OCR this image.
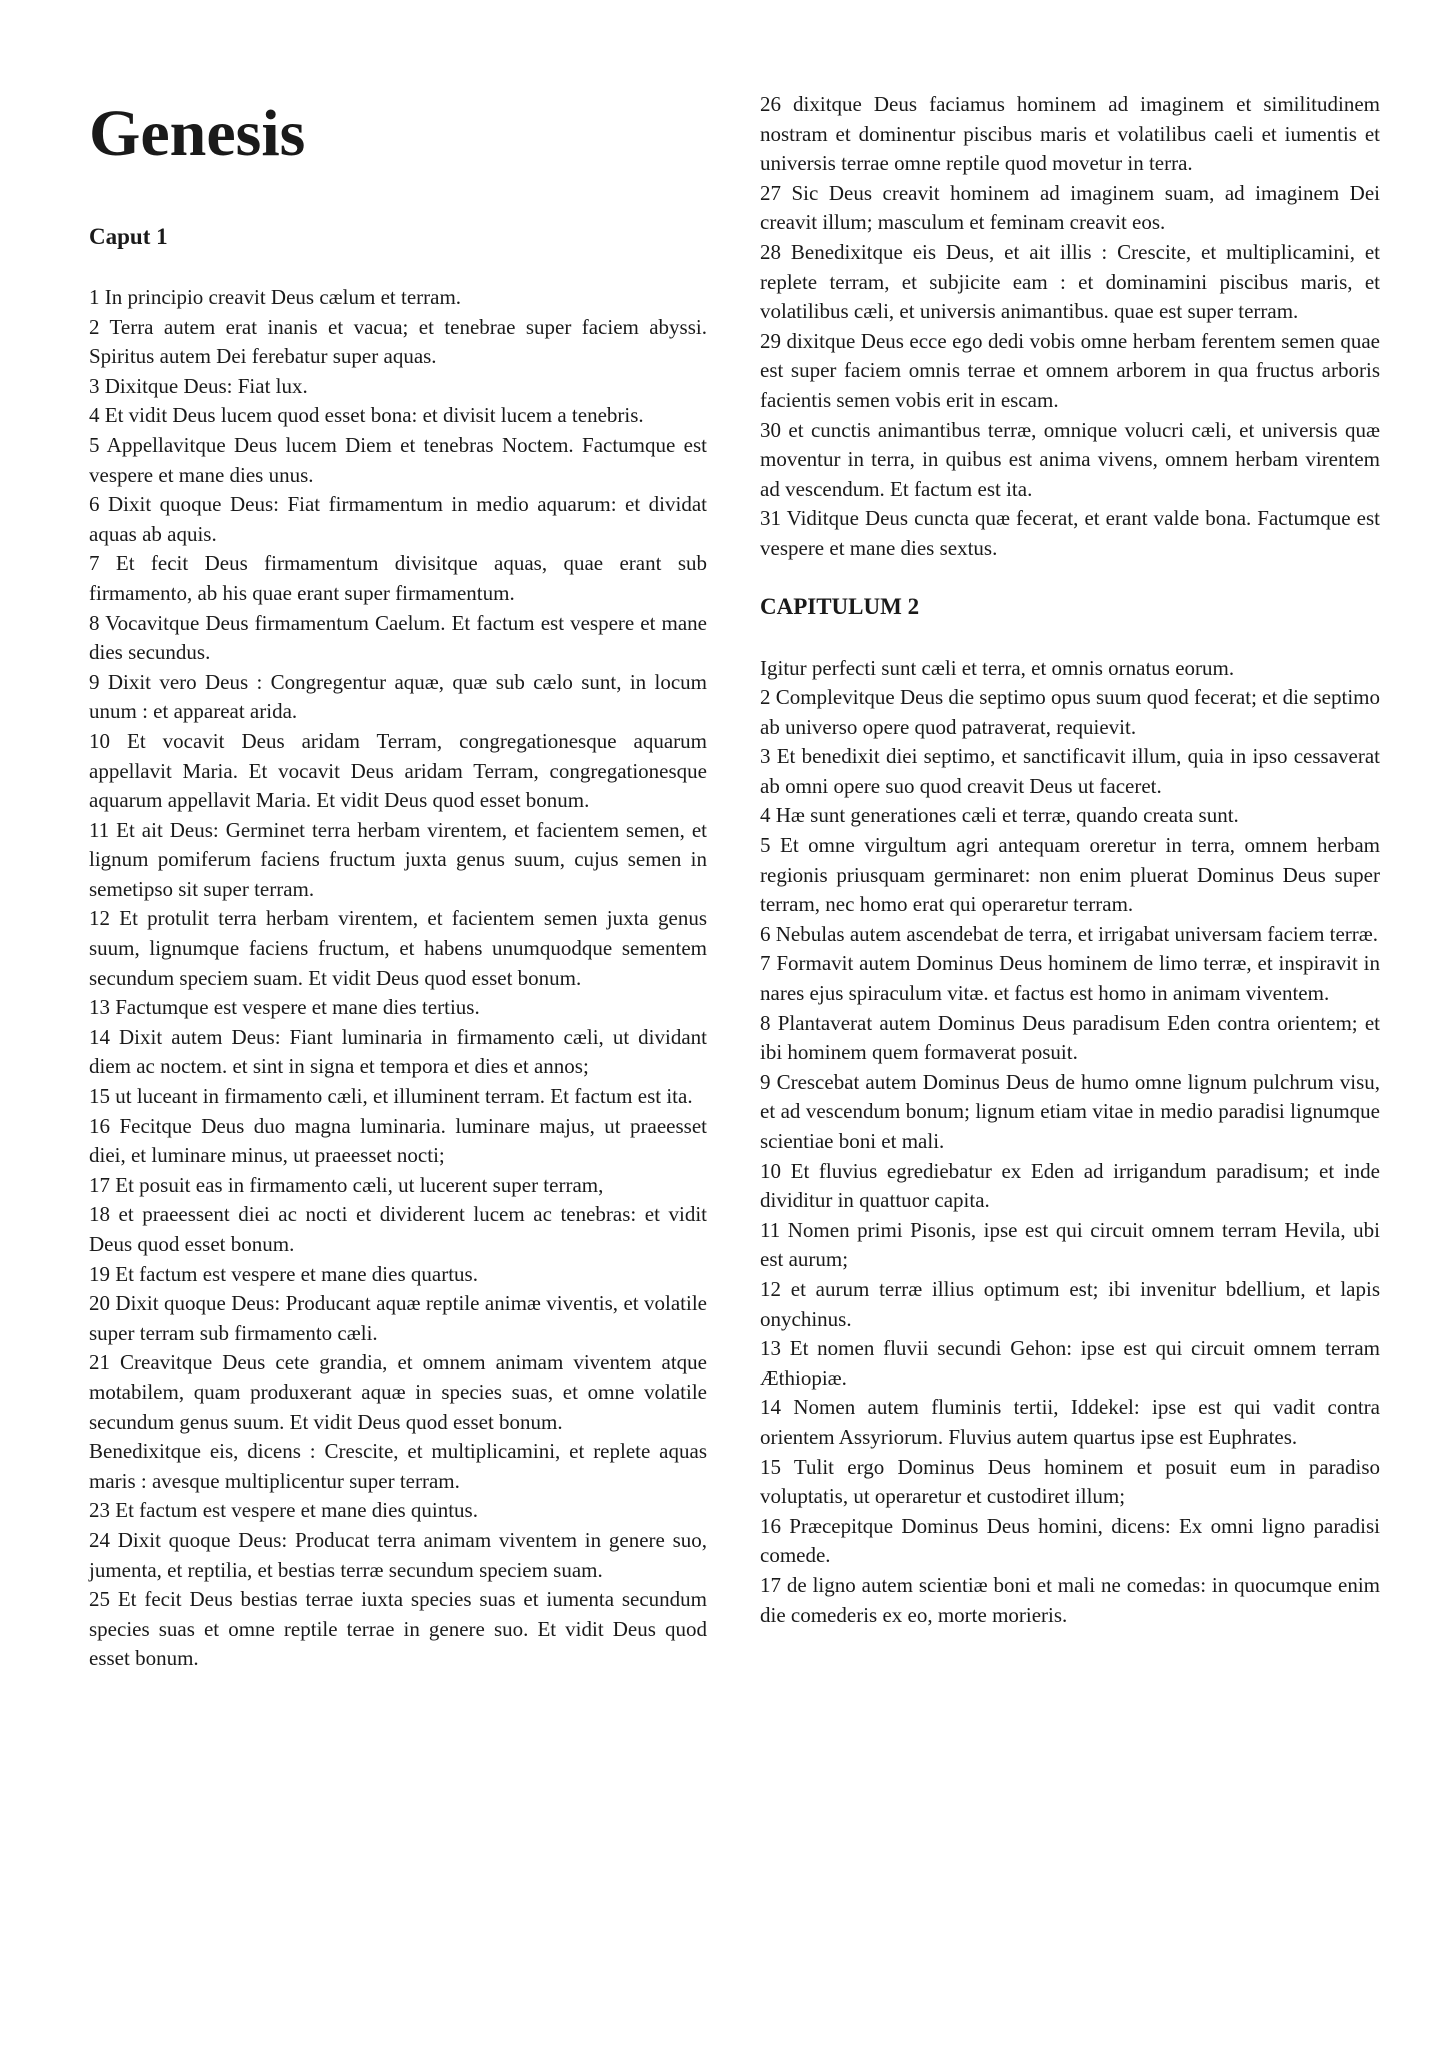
Genesis
Caput 1

1 In principio creavit Deus cælum et terram.

2 Terra autem erat inanis et vacua; et tenebrae super faciem abyssi. Spiritus autem Dei ferebatur super aquas.

3 Dixitque Deus: Fiat lux.

4 Et vidit Deus lucem quod esset bona: et divisit lucem a tenebris.

5 Appellavitque Deus lucem Diem et tenebras Noctem. Factumque est vespere et mane dies unus.

6 Dixit quoque Deus: Fiat firmamentum in medio aquarum: et dividat aquas ab aquis.

7 Et fecit Deus firmamentum divisitque aquas, quae erant sub firmamento, ab his quae erant super firmamentum.

8 Vocavitque Deus firmamentum Caelum. Et factum est vespere et mane dies secundus.

9 Dixit vero Deus : Congregentur aquæ, quæ sub cælo sunt, in locum unum : et appareat arida.

10 Et vocavit Deus aridam Terram, congregationesque aquarum appellavit Maria. Et vocavit Deus aridam Terram, congregationesque aquarum appellavit Maria. Et vidit Deus quod esset bonum.

11 Et ait Deus: Germinet terra herbam virentem, et facientem semen, et lignum pomiferum faciens fructum juxta genus suum, cujus semen in semetipso sit super terram.

12 Et protulit terra herbam virentem, et facientem semen juxta genus suum, lignumque faciens fructum, et habens unumquodque sementem secundum speciem suam. Et vidit Deus quod esset bonum.

13 Factumque est vespere et mane dies tertius.

14 Dixit autem Deus: Fiant luminaria in firmamento cæli, ut dividant diem ac noctem. et sint in signa et tempora et dies et annos;

15 ut luceant in firmamento cæli, et illuminent terram. Et factum est ita.

16 Fecitque Deus duo magna luminaria. luminare majus, ut praeesset diei, et luminare minus, ut praeesset nocti;

17 Et posuit eas in firmamento cæli, ut lucerent super terram,

18 et praeessent diei ac nocti et dividerent lucem ac tenebras: et vidit Deus quod esset bonum.

19 Et factum est vespere et mane dies quartus.

20 Dixit quoque Deus: Producant aquæ reptile animæ viventis, et volatile super terram sub firmamento cæli.

21 Creavitque Deus cete grandia, et omnem animam viventem atque motabilem, quam produxerant aquæ in species suas, et omne volatile secundum genus suum. Et vidit Deus quod esset bonum.

Benedixitque eis, dicens : Crescite, et multiplicamini, et replete aquas maris : avesque multiplicentur super terram.

23 Et factum est vespere et mane dies quintus.

24 Dixit quoque Deus: Producat terra animam viventem in genere suo, jumenta, et reptilia, et bestias terræ secundum speciem suam.

25 Et fecit Deus bestias terrae iuxta species suas et iumenta secundum species suas et omne reptile terrae in genere suo. Et vidit Deus quod esset bonum.

26 dixitque Deus faciamus hominem ad imaginem et similitudinem nostram et dominentur piscibus maris et volatilibus caeli et iumentis et universis terrae omne reptile quod movetur in terra.

27 Sic Deus creavit hominem ad imaginem suam, ad imaginem Dei creavit illum; masculum et feminam creavit eos.

28 Benedixitque eis Deus, et ait illis : Crescite, et multiplicamini, et replete terram, et subjicite eam : et dominamini piscibus maris, et volatilibus cæli, et universis animantibus. quae est super terram.

29 dixitque Deus ecce ego dedi vobis omne herbam ferentem semen quae est super faciem omnis terrae et omnem arborem in qua fructus arboris facientis semen vobis erit in escam.

30 et cunctis animantibus terræ, omnique volucri cæli, et universis quæ moventur in terra, in quibus est anima vivens, omnem herbam virentem ad vescendum. Et factum est ita.

31 Viditque Deus cuncta quæ fecerat, et erant valde bona. Factumque est vespere et mane dies sextus.

CAPITULUM 2

Igitur perfecti sunt cæli et terra, et omnis ornatus eorum.

2 Complevitque Deus die septimo opus suum quod fecerat; et die septimo ab universo opere quod patraverat, requievit.

3 Et benedixit diei septimo, et sanctificavit illum, quia in ipso cessaverat ab omni opere suo quod creavit Deus ut faceret.

4 Hæ sunt generationes cæli et terræ, quando creata sunt.

5 Et omne virgultum agri antequam oreretur in terra, omnem herbam regionis priusquam germinaret: non enim pluerat Dominus Deus super terram, nec homo erat qui operaretur terram.

6 Nebulas autem ascendebat de terra, et irrigabat universam faciem terræ.

7 Formavit autem Dominus Deus hominem de limo terræ, et inspiravit in nares ejus spiraculum vitæ. et factus est homo in animam viventem.

8 Plantaverat autem Dominus Deus paradisum Eden contra orientem; et ibi hominem quem formaverat posuit.

9 Crescebat autem Dominus Deus de humo omne lignum pulchrum visu, et ad vescendum bonum; lignum etiam vitae in medio paradisi lignumque scientiae boni et mali.

10 Et fluvius egrediebatur ex Eden ad irrigandum paradisum; et inde dividitur in quattuor capita.

11 Nomen primi Pisonis, ipse est qui circuit omnem terram Hevila, ubi est aurum;

12 et aurum terræ illius optimum est; ibi invenitur bdellium, et lapis onychinus.

13 Et nomen fluvii secundi Gehon: ipse est qui circuit omnem terram Æthiopiæ.

14 Nomen autem fluminis tertii, Iddekel: ipse est qui vadit contra orientem Assyriorum. Fluvius autem quartus ipse est Euphrates.

15 Tulit ergo Dominus Deus hominem et posuit eum in paradiso voluptatis, ut operaretur et custodiret illum;

16 Præcepitque Dominus Deus homini, dicens: Ex omni ligno paradisi comede.

17 de ligno autem scientiæ boni et mali ne comedas: in quocumque enim die comederis ex eo, morte morieris.
